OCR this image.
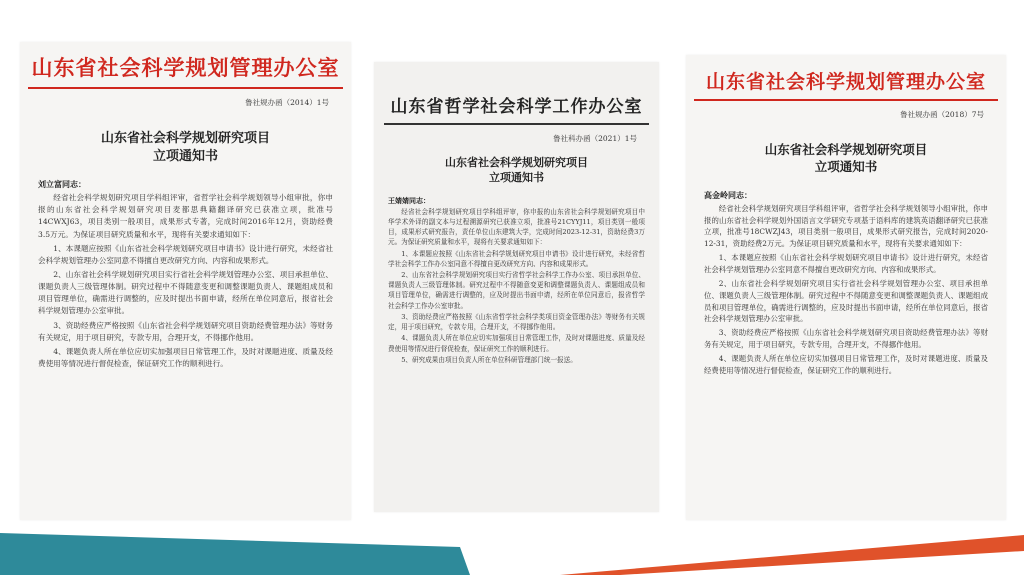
山东省社会科学规划管理办公室
鲁社规办函（2014）1号
山东省社会科学规划研究项目
立项通知书
刘立富同志：
经省社会科学规划研究项目学科组评审，省哲学社会科学规划领导小组审批，你申报的山东省社会科学规划研究项目麦都思典籍翻译研究已获准立项，批准号14CWXJ63，项目类别一般项目，成果形式专著，完成时间2016年12月，资助经费3.5万元。为保证项目研究质量和水平，现将有关要求通知如下：
1、本课题应按照《山东省社会科学规划研究项目申请书》设计进行研究，未经省社会科学规划管理办公室同意不得擅自更改研究方向、内容和成果形式。
2、山东省社会科学规划研究项目实行省社会科学规划管理办公室、项目承担单位、课题负责人三级管理体制。研究过程中不得随意变更和调整课题负责人、课题组成员和项目管理单位，确需进行调整的，应及时提出书面申请，经所在单位同意后，报省社会科学规划管理办公室审批。
3、资助经费应严格按照《山东省社会科学规划研究项目资助经费管理办法》等财务有关规定，用于项目研究，专款专用，合理开支，不得挪作他用。
4、课题负责人所在单位应切实加强项目日常管理工作，及时对课题进度、质量及经费使用等情况进行督促检查，保证研究工作的顺利进行。
山东省哲学社会科学工作办公室
鲁社科办函（2021）1号
山东省社会科学规划研究项目
立项通知书
王婧婧同志：
经省社会科学规划研究项目学科组评审，你申报的山东省社会科学规划研究项目中华学术外译的副文本与过程溯源研究已获准立项，批准号21CYYJ11，项目类别一般项目，成果形式研究报告，责任单位山东建筑大学，完成时间2023-12-31，资助经费3万元。为保证研究质量和水平，现将有关要求通知如下：
1、本课题应按照《山东省社会科学规划研究项目申请书》设计进行研究，未经省哲学社会科学工作办公室同意不得擅自更改研究方向、内容和成果形式。
2、山东省社会科学规划研究项目实行省哲学社会科学工作办公室、项目承担单位、课题负责人三级管理体制。研究过程中不得随意变更和调整课题负责人、课题组成员和项目管理单位，确需进行调整的，应及时提出书面申请，经所在单位同意后，报省哲学社会科学工作办公室审批。
3、资助经费应严格按照《山东省哲学社会科学类项目资金管理办法》等财务有关规定，用于项目研究，专款专用，合理开支，不得挪作他用。
4、课题负责人所在单位应切实加强项目日常管理工作，及时对课题进度、质量及经费使用等情况进行督促检查，保证研究工作的顺利进行。
5、研究成果由项目负责人所在单位科研管理部门统一报送。
山东省社会科学规划管理办公室
鲁社规办函（2018）7号
山东省社会科学规划研究项目
立项通知书
高金岭同志：
经省社会科学规划研究项目学科组评审，省哲学社会科学规划领导小组审批，你申报的山东省社会科学规划外国语言文学研究专项基于语料库的建筑英语翻译研究已获准立项，批准号18CWZJ43，项目类别一般项目，成果形式研究报告，完成时间2020-12-31，资助经费2万元。为保证项目研究质量和水平，现将有关要求通知如下：
1、本课题应按照《山东省社会科学规划研究项目申请书》设计进行研究，未经省社会科学规划管理办公室同意不得擅自更改研究方向、内容和成果形式。
2、山东省社会科学规划研究项目实行省社会科学规划管理办公室、项目承担单位、课题负责人三级管理体制。研究过程中不得随意变更和调整课题负责人、课题组成员和项目管理单位，确需进行调整的，应及时提出书面申请，经所在单位同意后，报省社会科学规划管理办公室审批。
3、资助经费应严格按照《山东省社会科学规划研究项目资助经费管理办法》等财务有关规定，用于项目研究，专款专用，合理开支，不得挪作他用。
4、课题负责人所在单位应切实加强项目日常管理工作，及时对课题进度、质量及经费使用等情况进行督促检查，保证研究工作的顺利进行。
